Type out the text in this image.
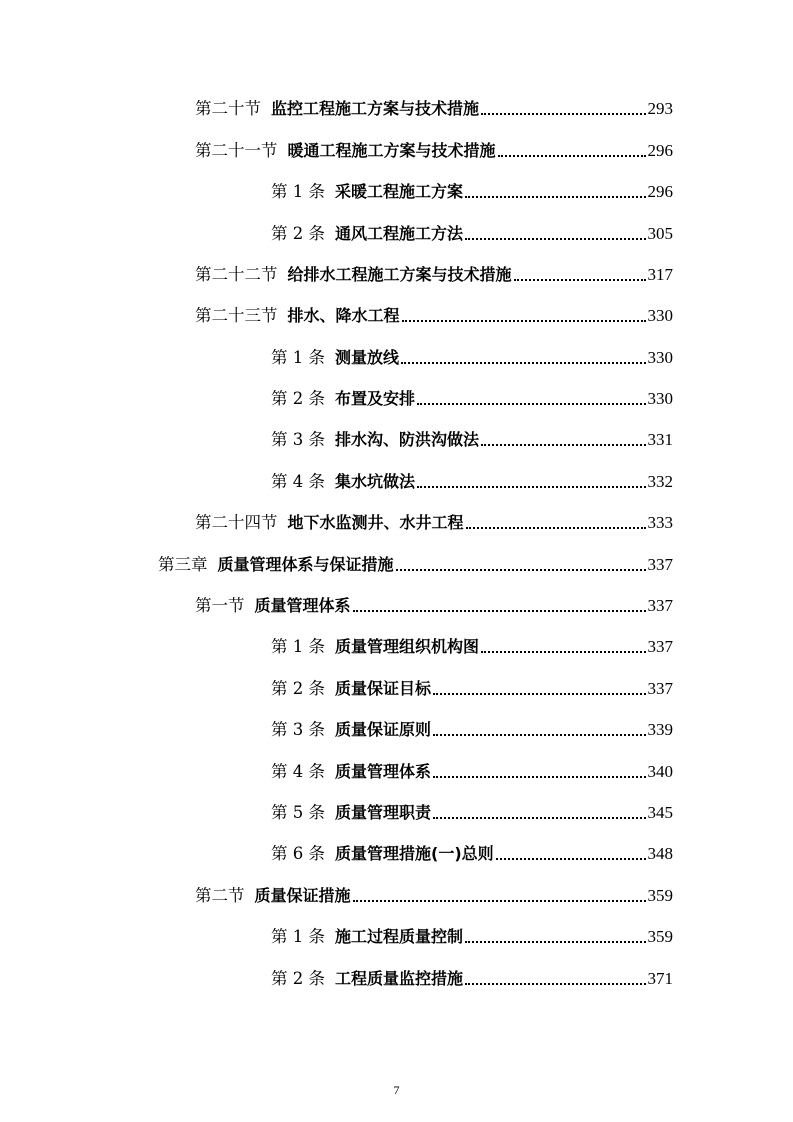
第二十节 监控工程施工方案与技术措施	293
第二十一节 暖通工程施工方案与技术措施	296
第 1 条 采暖工程施工方案	296
第 2 条 通风工程施工方法	305
第二十二节 给排水工程施工方案与技术措施	317
第二十三节 排水、降水工程	330
第 1 条 测量放线	330
第 2 条 布置及安排	330
第 3 条 排水沟、防洪沟做法	331
第 4 条 集水坑做法	332
第二十四节 地下水监测井、水井工程	333
第三章 质量管理体系与保证措施	337
第一节 质量管理体系	337
第 1 条 质量管理组织机构图	337
第 2 条 质量保证目标	337
第 3 条 质量保证原则	339
第 4 条 质量管理体系	340
第 5 条 质量管理职责	345
第 6 条 质量管理措施(一)总则	348
第二节 质量保证措施	359
第 1 条 施工过程质量控制	359
第 2 条 工程质量监控措施	371
7
